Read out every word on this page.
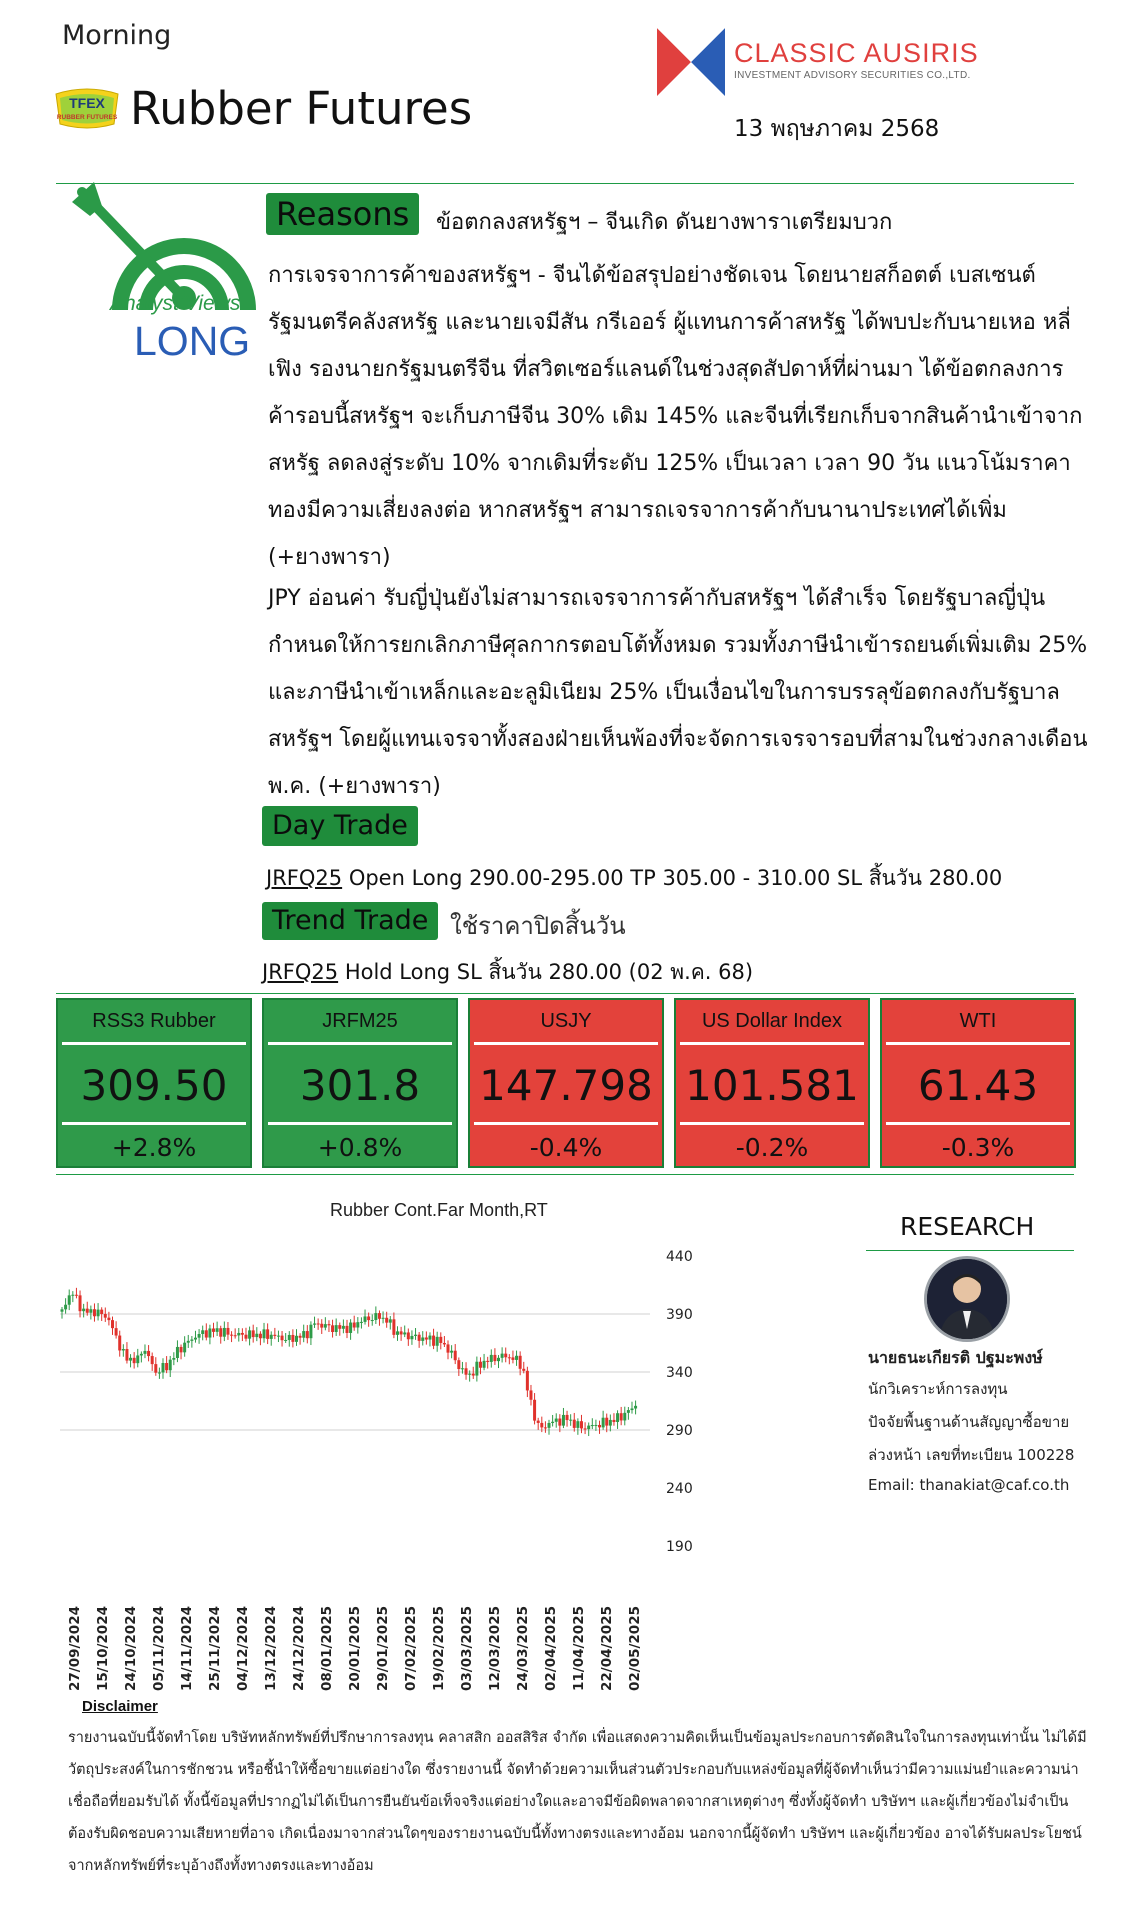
Morning
TFEX
RUBBER FUTURES Rubber Futures
CLASSIC AUSIRIS
INVESTMENT ADVISORY SECURITIES CO.,LTD.
13 พฤษภาคม 2568
Analyst Views
LONG
Reasons	ข้อตกลงสหรัฐฯ – จีนเกิด ดันยางพาราเตรียมบวก
การเจรจาการค้าของสหรัฐฯ - จีนได้ข้อสรุปอย่างชัดเจน โดยนายสก็อตต์ เบสเซนต์ รัฐมนตรีคลังสหรัฐ และนายเจมีสัน กรีเออร์ ผู้แทนการค้าสหรัฐ ได้พบปะกับนายเหอ หลี่เฟิง รองนายกรัฐมนตรีจีน ที่สวิตเซอร์แลนด์ในช่วงสุดสัปดาห์ที่ผ่านมา ได้ข้อตกลงการค้ารอบนี้สหรัฐฯ จะเก็บภาษีจีน 30% เดิม 145% และจีนที่เรียกเก็บจากสินค้านำเข้าจากสหรัฐ ลดลงสู่ระดับ 10% จากเดิมที่ระดับ 125% เป็นเวลา เวลา 90 วัน แนวโน้มราคาทองมีความเสี่ยงลงต่อ หากสหรัฐฯ สามารถเจรจาการค้ากับนานาประเทศได้เพิ่ม (+ยางพารา)
JPY อ่อนค่า รับญี่ปุ่นยังไม่สามารถเจรจาการค้ากับสหรัฐฯ ได้สำเร็จ โดยรัฐบาลญี่ปุ่นกำหนดให้การยกเลิกภาษีศุลกากรตอบโต้ทั้งหมด รวมทั้งภาษีนำเข้ารถยนต์เพิ่มเติม 25% และภาษีนำเข้าเหล็กและอะลูมิเนียม 25% เป็นเงื่อนไขในการบรรลุข้อตกลงกับรัฐบาลสหรัฐฯ โดยผู้แทนเจรจาทั้งสองฝ่ายเห็นพ้องที่จะจัดการเจรจารอบที่สามในช่วงกลางเดือนพ.ค. (+ยางพารา)
Day Trade
JRFQ25 Open Long 290.00-295.00 TP 305.00 - 310.00 SL สิ้นวัน 280.00
Trend Trade ใช้ราคาปิดสิ้นวัน
JRFQ25 Hold Long SL สิ้นวัน 280.00 (02 พ.ค. 68)
RSS3 Rubber
309.50
+2.8%
JRFM25
301.8
+0.8%
USJY
147.798
-0.4%
US Dollar Index
101.581
-0.2%
WTI
61.43
-0.3%
Rubber Cont.Far Month,RT
440
390
340
290
240
190
27/09/2024 15/10/2024 24/10/2024 05/11/2024 14/11/2024 25/11/2024 04/12/2024 13/12/2024 24/12/2024 08/01/2025 20/01/2025 29/01/2025 07/02/2025 19/02/2025 03/03/2025 12/03/2025 24/03/2025 02/04/2025 11/04/2025 22/04/2025 02/05/2025
RESEARCH
นายธนะเกียรติ ปฐมะพงษ์
นักวิเคราะห์การลงทุน
ปัจจัยพื้นฐานด้านสัญญาซื้อขาย
ล่วงหน้า เลขที่ทะเบียน 100228
Email: thanakiat@caf.co.th
Disclaimer
รายงานฉบับนี้จัดทำโดย บริษัทหลักทรัพย์ที่ปรึกษาการลงทุน คลาสสิก ออสสิริส จำกัด เพื่อแสดงความคิดเห็นเป็นข้อมูลประกอบการตัดสินใจในการลงทุนเท่านั้น ไม่ได้มีวัตถุประสงค์ในการชักชวน หรือชี้นำให้ซื้อขายแต่อย่างใด ซึ่งรายงานนี้ จัดทำด้วยความเห็นส่วนตัวประกอบกับแหล่งข้อมูลที่ผู้จัดทำเห็นว่ามีความแม่นยำและความน่าเชื่อถือที่ยอมรับได้ ทั้งนี้ข้อมูลที่ปรากฏไม่ได้เป็นการยืนยันข้อเท็จจริงแต่อย่างใดและอาจมีข้อผิดพลาดจากสาเหตุต่างๆ ซึ่งทั้งผู้จัดทำ บริษัทฯ และผู้เกี่ยวข้องไม่จำเป็นต้องรับผิดชอบความเสียหายที่อาจ เกิดเนื่องมาจากส่วนใดๆของรายงานฉบับนี้ทั้งทางตรงและทางอ้อม นอกจากนี้ผู้จัดทำ บริษัทฯ และผู้เกี่ยวข้อง อาจได้รับผลประโยชน์จากหลักทรัพย์ที่ระบุอ้างถึงทั้งทางตรงและทางอ้อม
